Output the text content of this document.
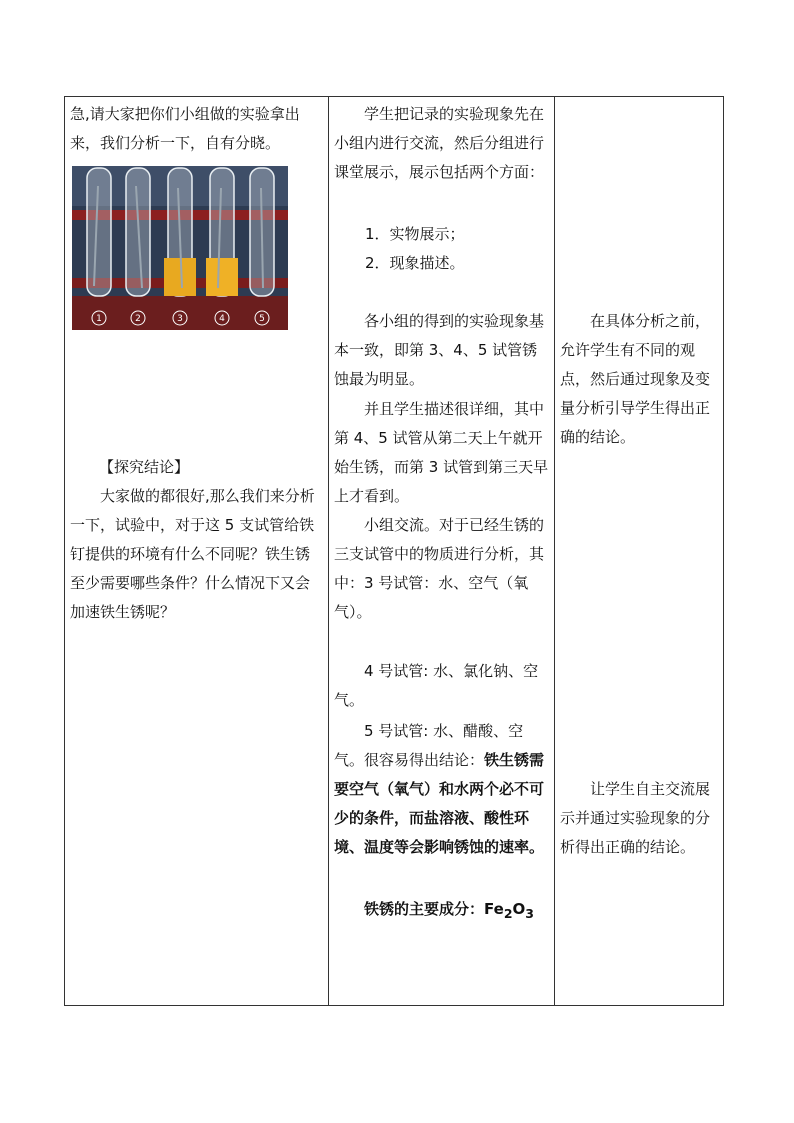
急,请大家把你们小组做的实验拿出来，我们分析一下，自有分晓。

1	2	3	4	5

【探究结论】

大家做的都很好,那么我们来分析一下，试验中，对于这 5 支试管给铁钉提供的环境有什么不同呢？铁生锈至少需要哪些条件？什么情况下又会加速铁生锈呢？

学生把记录的实验现象先在小组内进行交流，然后分组进行课堂展示，展示包括两个方面：

1．实物展示；

2．现象描述。

各小组的得到的实验现象基本一致，即第 3、4、5 试管锈蚀最为明显。

并且学生描述很详细，其中第 4、5 试管从第二天上午就开始生锈，而第 3 试管到第三天早上才看到。

小组交流。对于已经生锈的三支试管中的物质进行分析，其中： 3 号试管：水、空气（氧气）。

4 号试管: 水、氯化钠、空气。

5 号试管: 水、醋酸、空气。 很容易得出结论：铁生锈需要空气（氧气）和水两个必不可少的条件，而盐溶液、酸性环境、温度等会影响锈蚀的速率。

铁锈的主要成分：$Fe_2O_3$

在具体分析之前，允许学生有不同的观点，然后通过现象及变量分析引导学生得出正确的结论。

让学生自主交流展示并通过实验现象的分析得出正确的结论。
